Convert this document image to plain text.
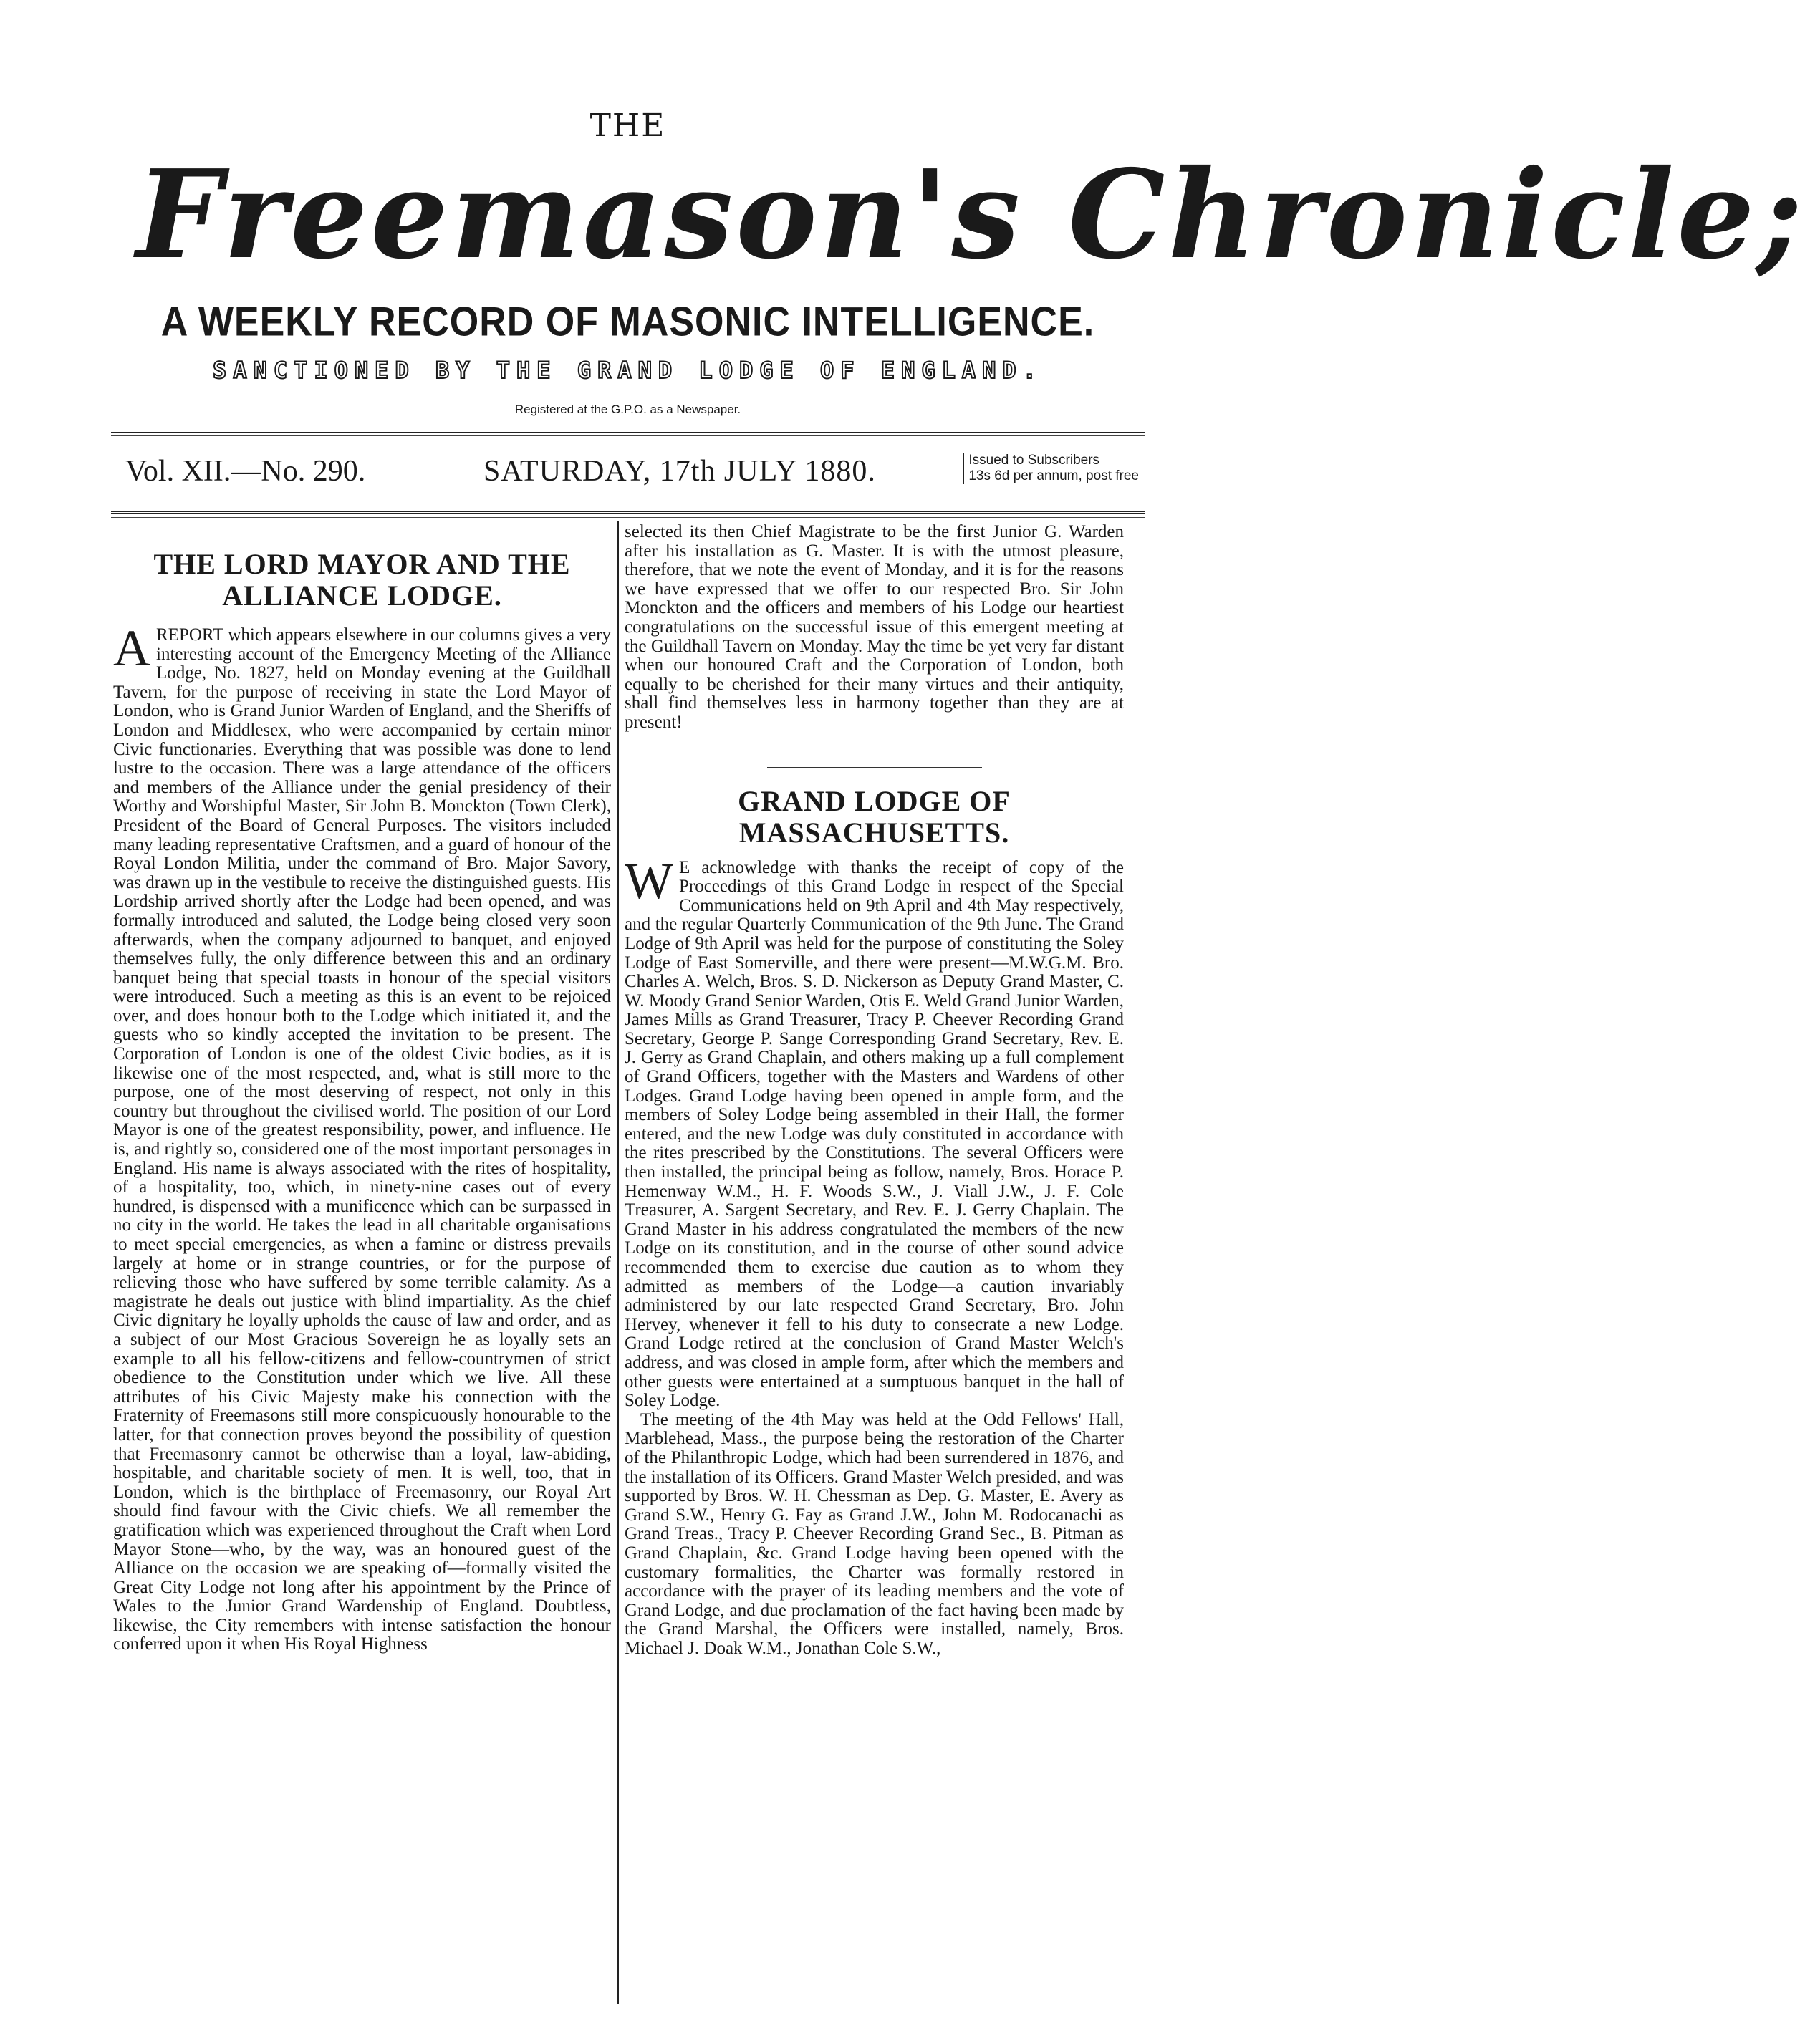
THE
Freemason's Chronicle;
A WEEKLY RECORD OF MASONIC INTELLIGENCE.
SANCTIONED BY THE GRAND LODGE OF ENGLAND.
Registered at the G.P.O. as a Newspaper.
Vol. XII.—No. 290.	SATURDAY, 17th JULY 1880.	Issued to Subscribers
13s 6d per annum, post free
THE LORD MAYOR AND THE ALLIANCE LODGE.

A REPORT which appears elsewhere in our columns gives a very interesting account of the Emergency Meeting of the Alliance Lodge, No. 1827, held on Monday evening at the Guildhall Tavern, for the purpose of receiving in state the Lord Mayor of London, who is Grand Junior Warden of England, and the Sheriffs of London and Middlesex, who were accompanied by certain minor Civic functionaries. Everything that was possible was done to lend lustre to the occasion. There was a large attendance of the officers and members of the Alliance under the genial presidency of their Worthy and Worshipful Master, Sir John B. Monckton (Town Clerk), President of the Board of General Purposes. The visitors included many leading representative Craftsmen, and a guard of honour of the Royal London Militia, under the command of Bro. Major Savory, was drawn up in the vestibule to receive the distinguished guests. His Lordship arrived shortly after the Lodge had been opened, and was formally introduced and saluted, the Lodge being closed very soon afterwards, when the company adjourned to banquet, and enjoyed themselves fully, the only difference between this and an ordinary banquet being that special toasts in honour of the special visitors were introduced. Such a meeting as this is an event to be rejoiced over, and does honour both to the Lodge which initiated it, and the guests who so kindly accepted the invitation to be present. The Corporation of London is one of the oldest Civic bodies, as it is likewise one of the most respected, and, what is still more to the purpose, one of the most deserving of respect, not only in this country but throughout the civilised world. The position of our Lord Mayor is one of the greatest responsibility, power, and influence. He is, and rightly so, considered one of the most important personages in England. His name is always associated with the rites of hospitality, of a hospitality, too, which, in ninety-nine cases out of every hundred, is dispensed with a munificence which can be surpassed in no city in the world. He takes the lead in all charitable organisations to meet special emergencies, as when a famine or distress prevails largely at home or in strange countries, or for the purpose of relieving those who have suffered by some terrible calamity. As a magistrate he deals out justice with blind impartiality. As the chief Civic dignitary he loyally upholds the cause of law and order, and as a subject of our Most Gracious Sovereign he as loyally sets an example to all his fellow-citizens and fellow-countrymen of strict obedience to the Constitution under which we live. All these attributes of his Civic Majesty make his connection with the Fraternity of Freemasons still more conspicuously honourable to the latter, for that connection proves beyond the possibility of question that Freemasonry cannot be otherwise than a loyal, law-abiding, hospitable, and charitable society of men. It is well, too, that in London, which is the birthplace of Freemasonry, our Royal Art should find favour with the Civic chiefs. We all remember the gratification which was experienced throughout the Craft when Lord Mayor Stone—who, by the way, was an honoured guest of the Alliance on the occasion we are speaking of—formally visited the Great City Lodge not long after his appointment by the Prince of Wales to the Junior Grand Wardenship of England. Doubtless, likewise, the City remembers with intense satisfaction the honour conferred upon it when His Royal Highness

selected its then Chief Magistrate to be the first Junior G. Warden after his installation as G. Master. It is with the utmost pleasure, therefore, that we note the event of Monday, and it is for the reasons we have expressed that we offer to our respected Bro. Sir John Monckton and the officers and members of his Lodge our heartiest congratulations on the successful issue of this emergent meeting at the Guildhall Tavern on Monday. May the time be yet very far distant when our honoured Craft and the Corporation of London, both equally to be cherished for their many virtues and their antiquity, shall find themselves less in harmony together than they are at present!

GRAND LODGE OF MASSACHUSETTS.

W E acknowledge with thanks the receipt of copy of the Proceedings of this Grand Lodge in respect of the Special Communications held on 9th April and 4th May respectively, and the regular Quarterly Communication of the 9th June. The Grand Lodge of 9th April was held for the purpose of constituting the Soley Lodge of East Somerville, and there were present—M.W.G.M. Bro. Charles A. Welch, Bros. S. D. Nickerson as Deputy Grand Master, C. W. Moody Grand Senior Warden, Otis E. Weld Grand Junior Warden, James Mills as Grand Treasurer, Tracy P. Cheever Recording Grand Secretary, George P. Sange Corresponding Grand Secretary, Rev. E. J. Gerry as Grand Chaplain, and others making up a full complement of Grand Officers, together with the Masters and Wardens of other Lodges. Grand Lodge having been opened in ample form, and the members of Soley Lodge being assembled in their Hall, the former entered, and the new Lodge was duly constituted in accordance with the rites prescribed by the Constitutions. The several Officers were then installed, the principal being as follow, namely, Bros. Horace P. Hemenway W.M., H. F. Woods S.W., J. Viall J.W., J. F. Cole Treasurer, A. Sargent Secretary, and Rev. E. J. Gerry Chaplain. The Grand Master in his address congratulated the members of the new Lodge on its constitution, and in the course of other sound advice recommended them to exercise due caution as to whom they admitted as members of the Lodge—a caution invariably administered by our late respected Grand Secretary, Bro. John Hervey, whenever it fell to his duty to consecrate a new Lodge. Grand Lodge retired at the conclusion of Grand Master Welch's address, and was closed in ample form, after which the members and other guests were entertained at a sumptuous banquet in the hall of Soley Lodge.

The meeting of the 4th May was held at the Odd Fellows' Hall, Marblehead, Mass., the purpose being the restoration of the Charter of the Philanthropic Lodge, which had been surrendered in 1876, and the installation of its Officers. Grand Master Welch presided, and was supported by Bros. W. H. Chessman as Dep. G. Master, E. Avery as Grand S.W., Henry G. Fay as Grand J.W., John M. Rodocanachi as Grand Treas., Tracy P. Cheever Recording Grand Sec., B. Pitman as Grand Chaplain, &c. Grand Lodge having been opened with the customary formalities, the Charter was formally restored in accordance with the prayer of its leading members and the vote of Grand Lodge, and due proclamation of the fact having been made by the Grand Marshal, the Officers were installed, namely, Bros. Michael J. Doak W.M., Jonathan Cole S.W.,
